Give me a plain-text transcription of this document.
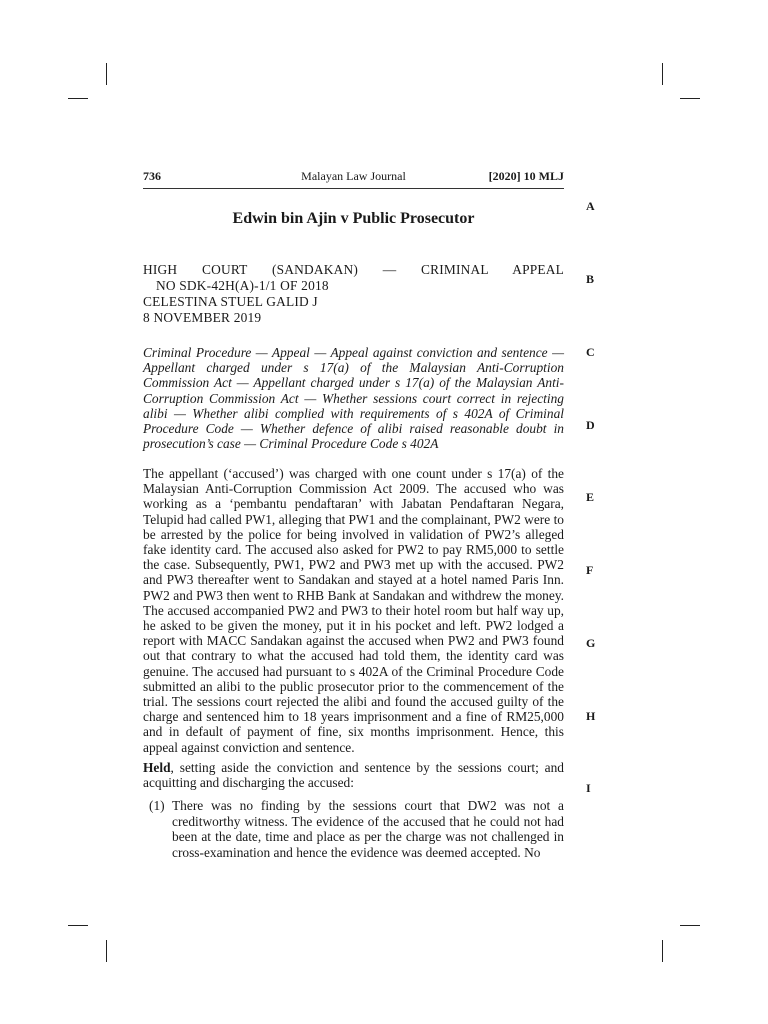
736	Malayan Law Journal	[2020] 10 MLJ
Edwin bin Ajin v Public Prosecutor
HIGH COURT (SANDAKAN) — CRIMINAL APPEAL
NO SDK-42H(A)-1/1 OF 2018
CELESTINA STUEL GALID J
8 NOVEMBER 2019
Criminal Procedure — Appeal — Appeal against conviction and sentence — Appellant charged under s 17(a) of the Malaysian Anti-Corruption Commission Act — Appellant charged under s 17(a) of the Malaysian Anti-Corruption Commission Act — Whether sessions court correct in rejecting alibi — Whether alibi complied with requirements of s 402A of Criminal Procedure Code — Whether defence of alibi raised reasonable doubt in prosecution’s case — Criminal Procedure Code s 402A
The appellant (‘accused’) was charged with one count under s 17(a) of the Malaysian Anti-Corruption Commission Act 2009. The accused who was working as a ‘pembantu pendaftaran’ with Jabatan Pendaftaran Negara, Telupid had called PW1, alleging that PW1 and the complainant, PW2 were to be arrested by the police for being involved in validation of PW2’s alleged fake identity card. The accused also asked for PW2 to pay RM5,000 to settle the case. Subsequently, PW1, PW2 and PW3 met up with the accused. PW2 and PW3 thereafter went to Sandakan and stayed at a hotel named Paris Inn. PW2 and PW3 then went to RHB Bank at Sandakan and withdrew the money. The accused accompanied PW2 and PW3 to their hotel room but half way up, he asked to be given the money, put it in his pocket and left. PW2 lodged a report with MACC Sandakan against the accused when PW2 and PW3 found out that contrary to what the accused had told them, the identity card was genuine. The accused had pursuant to s 402A of the Criminal Procedure Code submitted an alibi to the public prosecutor prior to the commencement of the trial. The sessions court rejected the alibi and found the accused guilty of the charge and sentenced him to 18 years imprisonment and a fine of RM25,000 and in default of payment of fine, six months imprisonment. Hence, this appeal against conviction and sentence.
Held, setting aside the conviction and sentence by the sessions court; and acquitting and discharging the accused:
(1) There was no finding by the sessions court that DW2 was not a creditworthy witness. The evidence of the accused that he could not had been at the date, time and place as per the charge was not challenged in cross-examination and hence the evidence was deemed accepted. No
A
B
C
D
E
F
G
H
I
